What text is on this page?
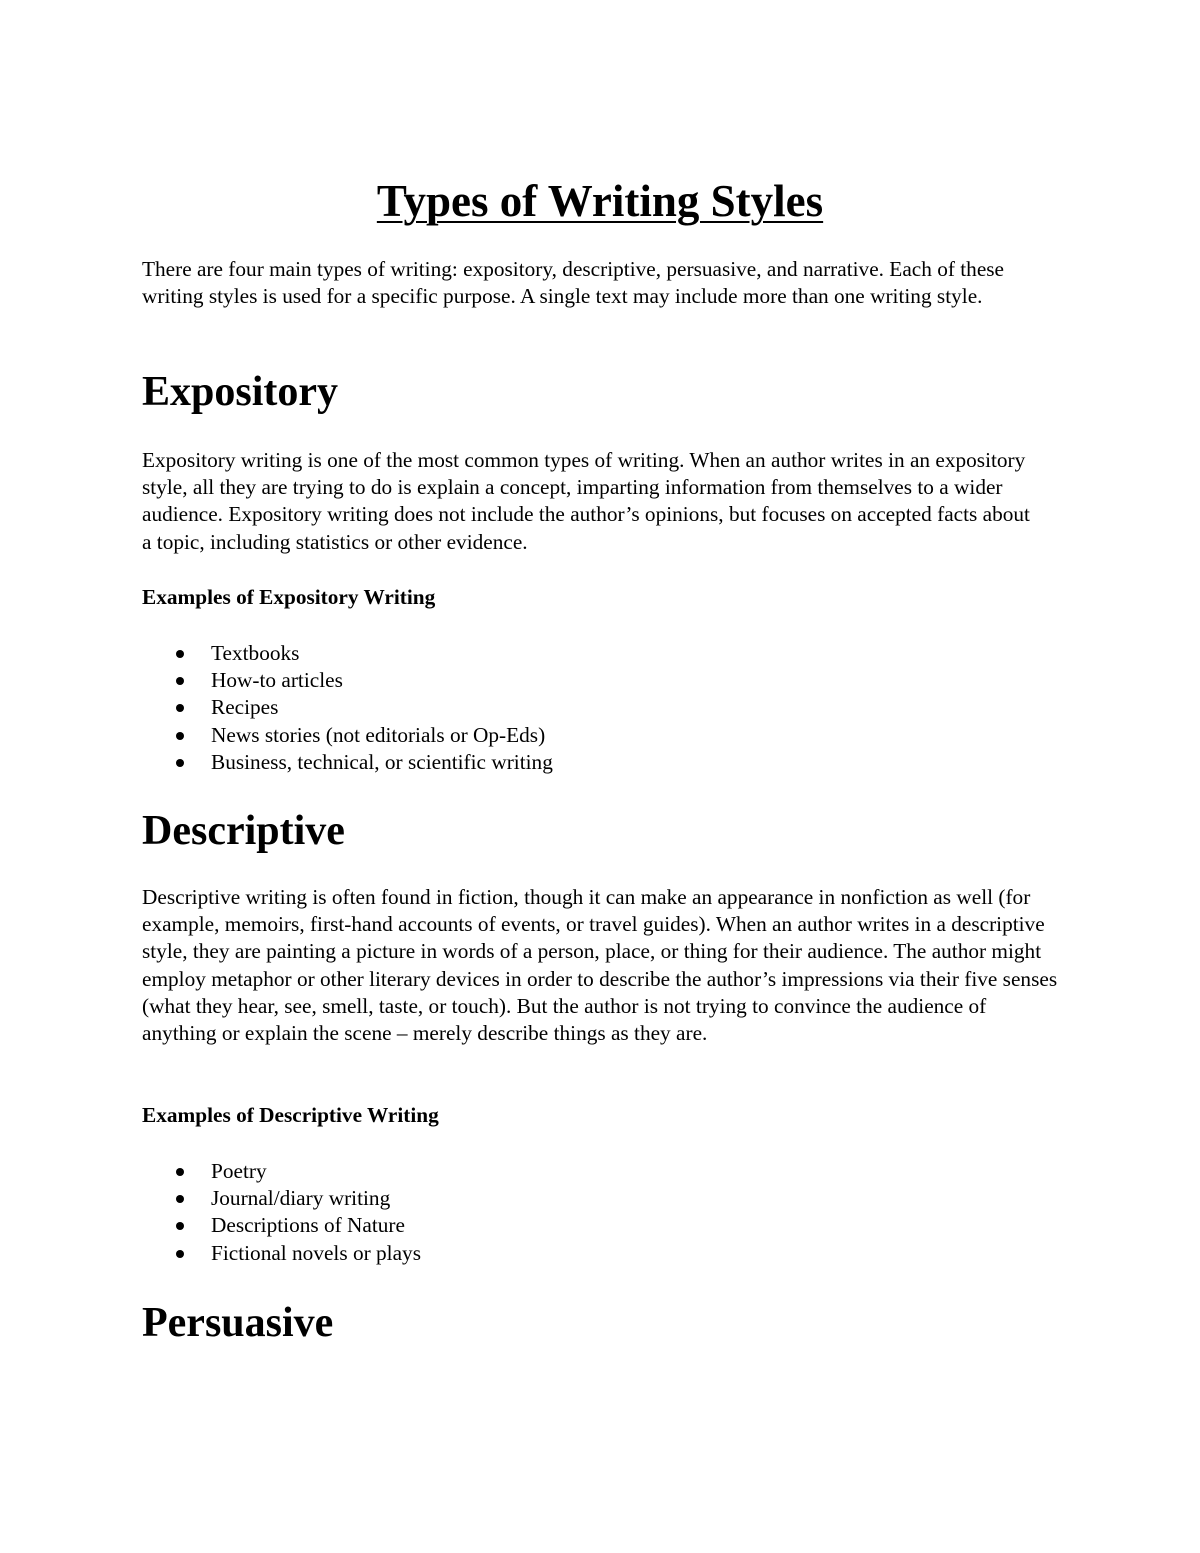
Types of Writing Styles

There are four main types of writing: expository, descriptive, persuasive, and narrative. Each of these writing styles is used for a specific purpose. A single text may include more than one writing style.

Expository

Expository writing is one of the most common types of writing. When an author writes in an expository style, all they are trying to do is explain a concept, imparting information from themselves to a wider audience. Expository writing does not include the author’s opinions, but focuses on accepted facts about a topic, including statistics or other evidence.

Examples of Expository Writing
Textbooks
How-to articles
Recipes
News stories (not editorials or Op-Eds)
Business, technical, or scientific writing
Descriptive

Descriptive writing is often found in fiction, though it can make an appearance in nonfiction as well (for example, memoirs, first-hand accounts of events, or travel guides). When an author writes in a descriptive style, they are painting a picture in words of a person, place, or thing for their audience. The author might employ metaphor or other literary devices in order to describe the author’s impressions via their five senses (what they hear, see, smell, taste, or touch). But the author is not trying to convince the audience of anything or explain the scene – merely describe things as they are.

Examples of Descriptive Writing
Poetry
Journal/diary writing
Descriptions of Nature
Fictional novels or plays
Persuasive
